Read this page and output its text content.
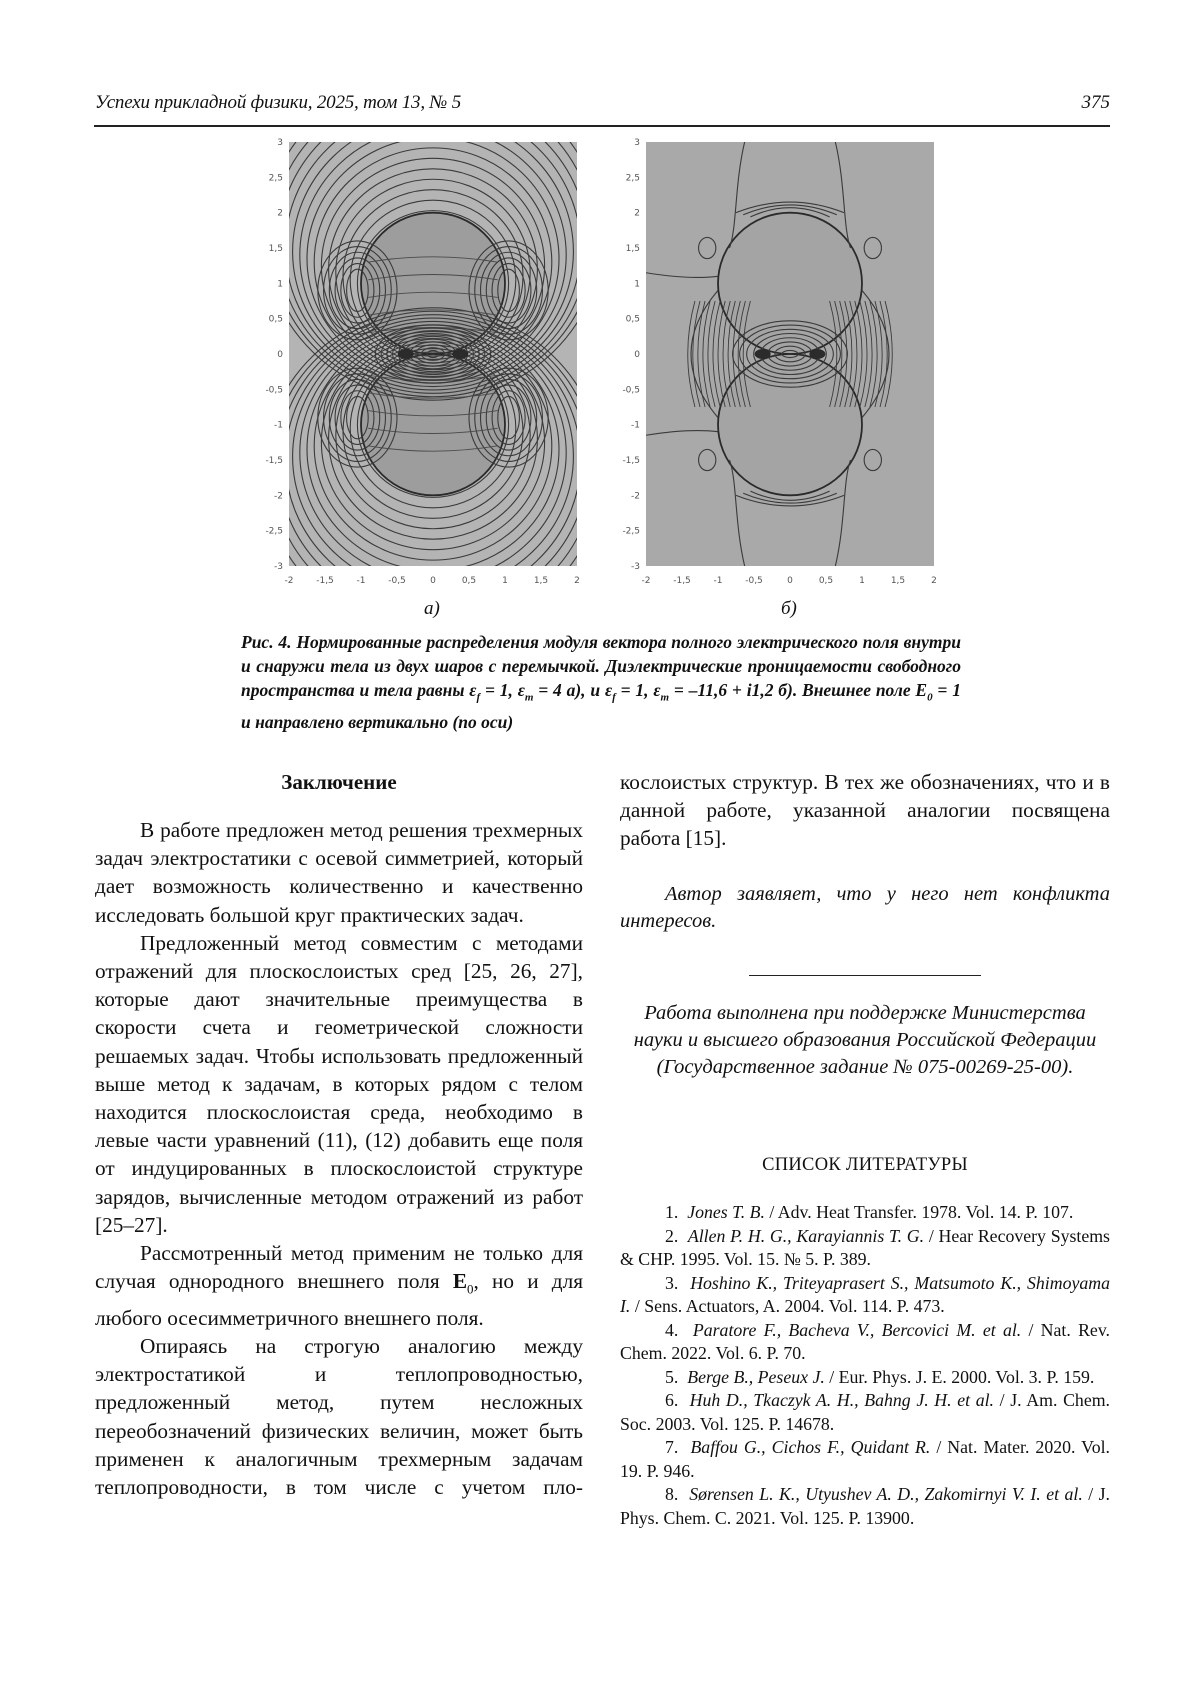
Успехи прикладной физики, 2025, том 13, № 5	375
3
2,5
2
1,5
1
0,5
0
-0,5
-1
-1,5
-2
-2,5
-3
-2	-1,5	-1	-0,5	0	0,5	1	1,5	2
3
2,5
2
1,5
1
0,5
0
-0,5
-1
-1,5
-2
-2,5
-3
-2	-1,5	-1	-0,5	0	0,5	1	1,5	2
а)	б)
Рис. 4. Нормированные распределения модуля вектора полного электрического поля внутри и снаружи тела из двух шаров с перемычкой. Диэлектрические проницаемости свободного пространства и тела равны $\varepsilon_f = 1$, $\varepsilon_m = 4$ а), и $\varepsilon_f = 1$, $\varepsilon_m = -11,6 + i1,2$ б). Внешнее поле $E_0 = 1$ и направлено вертикально (по оси)

Заключение

В работе предложен метод решения трехмерных задач электростатики с осевой симметрией, который дает возможность количественно и качественно исследовать большой круг практических задач.

Предложенный метод совместим с методами отражений для плоскослоистых сред [25, 26, 27], которые дают значительные преимущества в скорости счета и геометрической сложности решаемых задач. Чтобы использовать предложенный выше метод к задачам, в которых рядом с телом находится плоскослоистая среда, необходимо в левые части уравнений (11), (12) добавить еще поля от индуцированных в плоскослоистой структуре зарядов, вычисленные методом отражений из работ [25–27].

Рассмотренный метод применим не только для случая однородного внешнего поля $E_0$, но и для любого осесимметричного внешнего поля.

Опираясь на строгую аналогию между электростатикой и теплопроводностью, предложенный метод, путем несложных переобозначений физических величин, может быть применен к аналогичным трехмерным задачам теплопроводности, в том числе с учетом пло-

кослоистых структур. В тех же обозначениях, что и в данной работе, указанной аналогии посвящена работа [15].

Автор заявляет, что у него нет конфликта интересов.

Работа выполнена при поддержке Министерства науки и высшего образования Российской Федерации (Государственное задание № 075-00269-25-00).

СПИСОК ЛИТЕРАТУРЫ

1.  Jones T. B. / Adv. Heat Transfer. 1978. Vol. 14. P. 107.

2.  Allen P. H. G., Karayiannis T. G. / Hear Recovery Systems & CHP. 1995. Vol. 15. № 5. P. 389.

3.  Hoshino K., Triteyaprasert S., Matsumoto K., Shimoyama I. / Sens. Actuators, A. 2004. Vol. 114. P. 473.

4.  Paratore F., Bacheva V., Bercovici M. et al. / Nat. Rev. Chem. 2022. Vol. 6. P. 70.

5.  Berge B., Peseux J. / Eur. Phys. J. E. 2000. Vol. 3. P. 159.

6.  Huh D., Tkaczyk A. H., Bahng J. H. et al. / J. Am. Chem. Soc. 2003. Vol. 125. P. 14678.

7.  Baffou G., Cichos F., Quidant R. / Nat. Mater. 2020. Vol. 19. P. 946.

8.  Sørensen L. K., Utyushev A. D., Zakomirnyi V. I. et al. / J. Phys. Chem. C. 2021. Vol. 125. P. 13900.
